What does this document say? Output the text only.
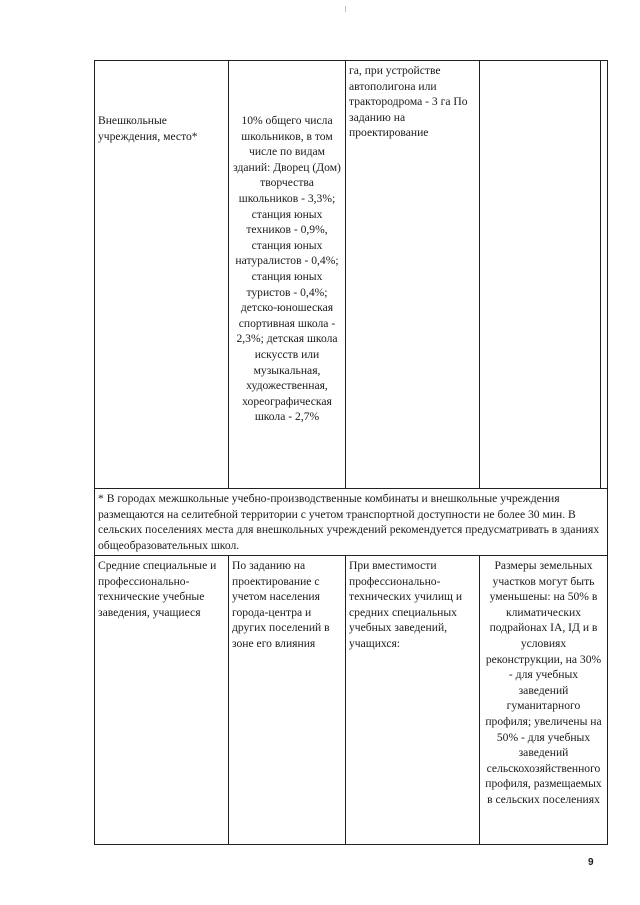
Внешкольные учреждения, место*	10% общего числа школьников, в том числе по видам зданий: Дворец (Дом) творчества школьников - 3,3%; станция юных техников - 0,9%, станция юных натуралистов - 0,4%; станция юных туристов - 0,4%; детско-юношеская спортивная школа - 2,3%; детская школа искусств или музыкальная, художественная, хореографическая школа - 2,7%	га, при устройстве автополигона или трактородрома - 3 га По заданию на проектирование		
* В городах межшкольные учебно-производственные комбинаты и внешкольные учреждения размещаются на селитебной территории с учетом транспортной доступности не более 30 мин. В сельских поселениях места для внешкольных учреждений рекомендуется предусматривать в зданиях общеобразовательных школ.				
Средние специальные и профессионально-технические учебные заведения, учащиеся	По заданию на проектирование с учетом населения города-центра и других поселений в зоне его влияния	При вместимости профессионально-технических училищ и средних специальных учебных заведений, учащихся:	Размеры земельных участков могут быть уменьшены: на 50% в климатических подрайонах IA, IД и в условиях реконструкции, на 30% - для учебных заведений гуманитарного профиля; увеличены на 50% - для учебных заведений сельскохозяйственного профиля, размещаемых в сельских поселениях	
9
